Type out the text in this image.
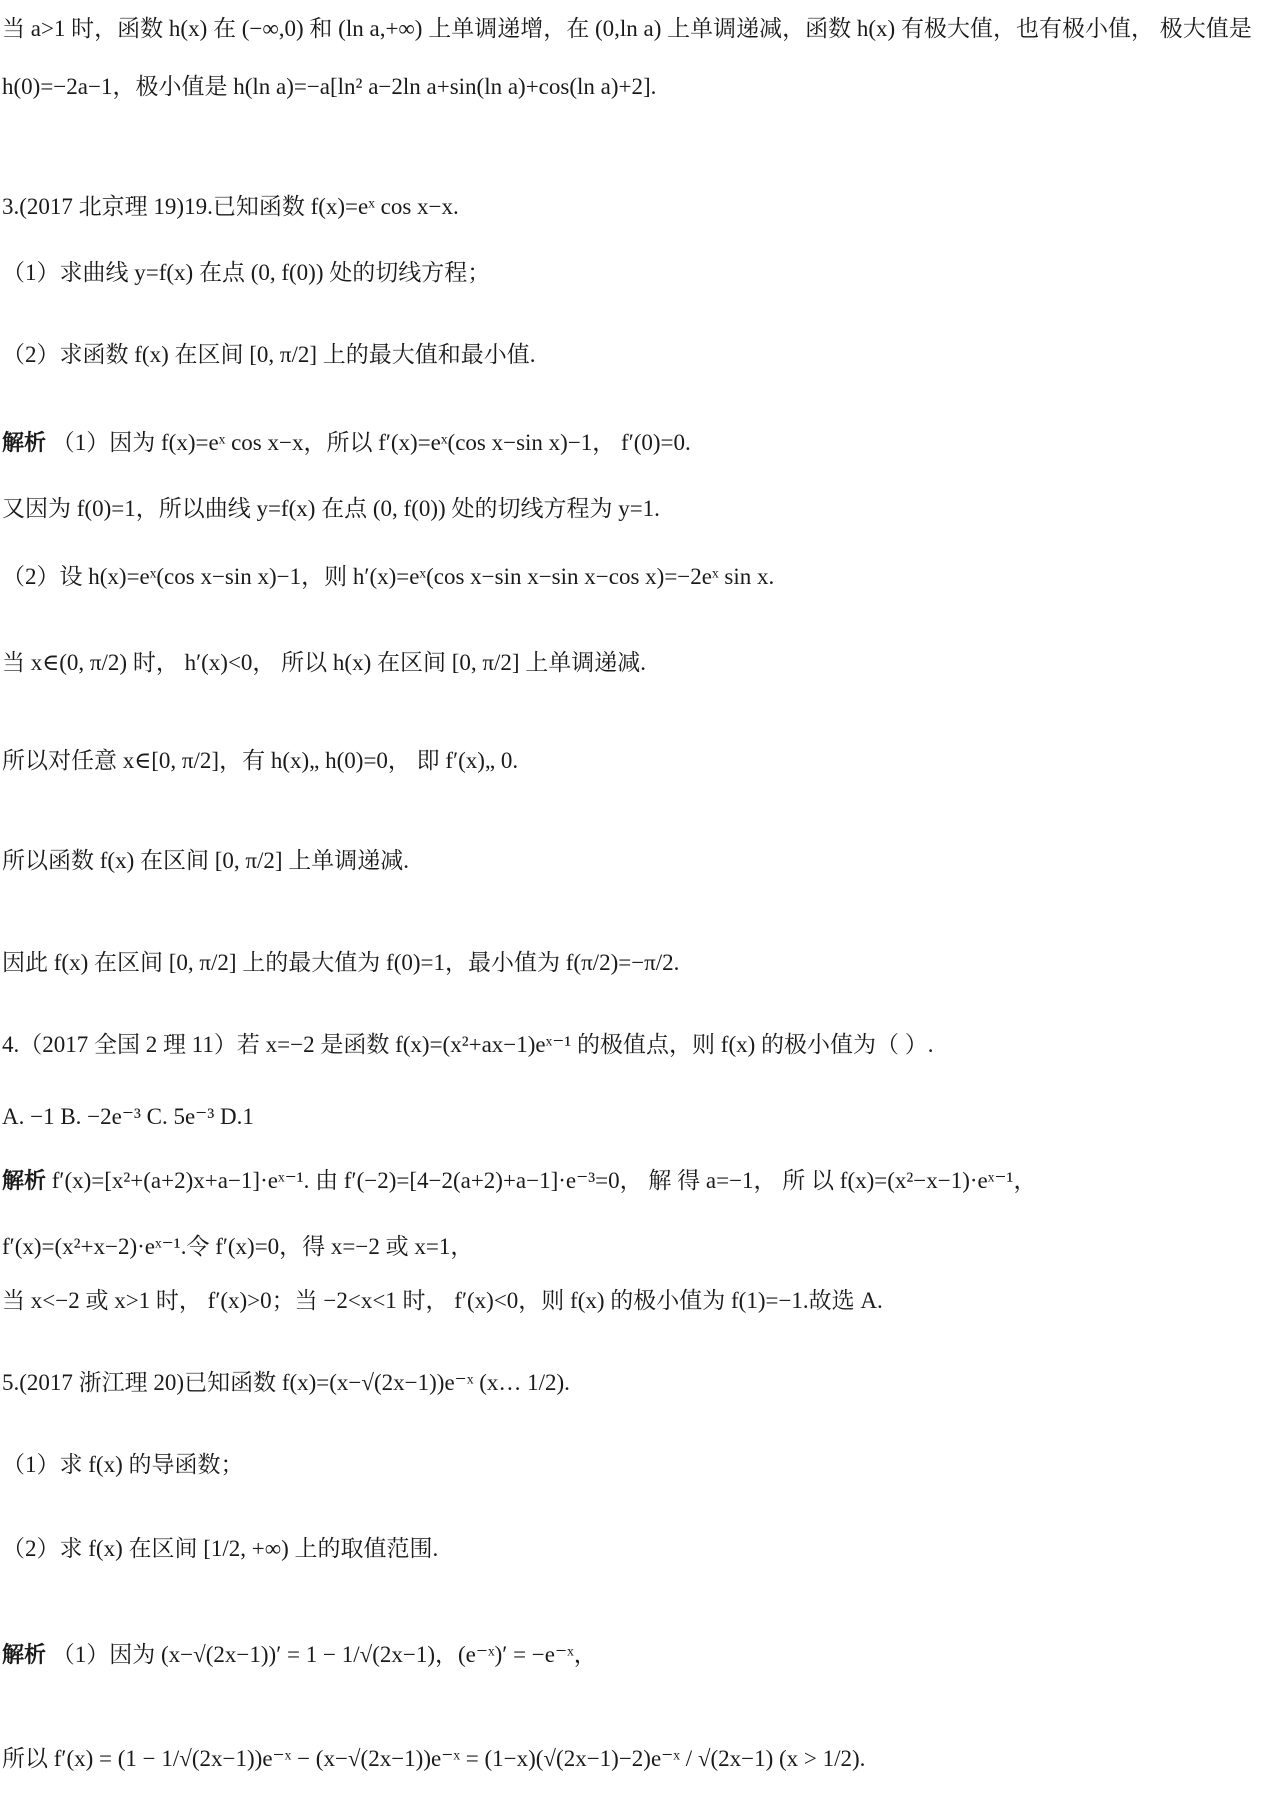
当 a>1 时，函数 h(x) 在 (−∞,0) 和 (ln a,+∞) 上单调递增，在 (0,ln a) 上单调递减，函数 h(x) 有极大值，也有极小值， 极大值是
h(0)=−2a−1，极小值是 h(ln a)=−a[ln² a−2ln a+sin(ln a)+cos(ln a)+2].
3.(2017 北京理 19)19.已知函数 f(x)=eˣ cos x−x.
（1）求曲线 y=f(x) 在点 (0, f(0)) 处的切线方程；
（2）求函数 f(x) 在区间 [0, π/2] 上的最大值和最小值.
解析 （1）因为 f(x)=eˣ cos x−x，所以 f′(x)=eˣ(cos x−sin x)−1， f′(0)=0.
又因为 f(0)=1，所以曲线 y=f(x) 在点 (0, f(0)) 处的切线方程为 y=1.
（2）设 h(x)=eˣ(cos x−sin x)−1，则 h′(x)=eˣ(cos x−sin x−sin x−cos x)=−2eˣ sin x.
当 x∈(0, π/2) 时， h′(x)<0， 所以 h(x) 在区间 [0, π/2] 上单调递减.
所以对任意 x∈[0, π/2]，有 h(x)„ h(0)=0， 即 f′(x)„ 0.
所以函数 f(x) 在区间 [0, π/2] 上单调递减.
因此 f(x) 在区间 [0, π/2] 上的最大值为 f(0)=1，最小值为 f(π/2)=−π/2.
4.（2017 全国 2 理 11）若 x=−2 是函数 f(x)=(x²+ax−1)eˣ⁻¹ 的极值点，则 f(x) 的极小值为（ ）.
A. −1 B. −2e⁻³ C. 5e⁻³ D.1
解析 f′(x)=[x²+(a+2)x+a−1]·eˣ⁻¹. 由 f′(−2)=[4−2(a+2)+a−1]·e⁻³=0， 解 得 a=−1， 所 以 f(x)=(x²−x−1)·eˣ⁻¹，
f′(x)=(x²+x−2)·eˣ⁻¹.令 f′(x)=0，得 x=−2 或 x=1，
当 x<−2 或 x>1 时， f′(x)>0；当 −2<x<1 时， f′(x)<0，则 f(x) 的极小值为 f(1)=−1.故选 A.
5.(2017 浙江理 20)已知函数 f(x)=(x−√(2x−1))e⁻ˣ (x… 1/2).
（1）求 f(x) 的导函数；
（2）求 f(x) 在区间 [1/2, +∞) 上的取值范围.
解析 （1）因为 (x−√(2x−1))′ = 1 − 1/√(2x−1)，(e⁻ˣ)′ = −e⁻ˣ，
所以 f′(x) = (1 − 1/√(2x−1))e⁻ˣ − (x−√(2x−1))e⁻ˣ = (1−x)(√(2x−1)−2)e⁻ˣ / √(2x−1) (x > 1/2).
